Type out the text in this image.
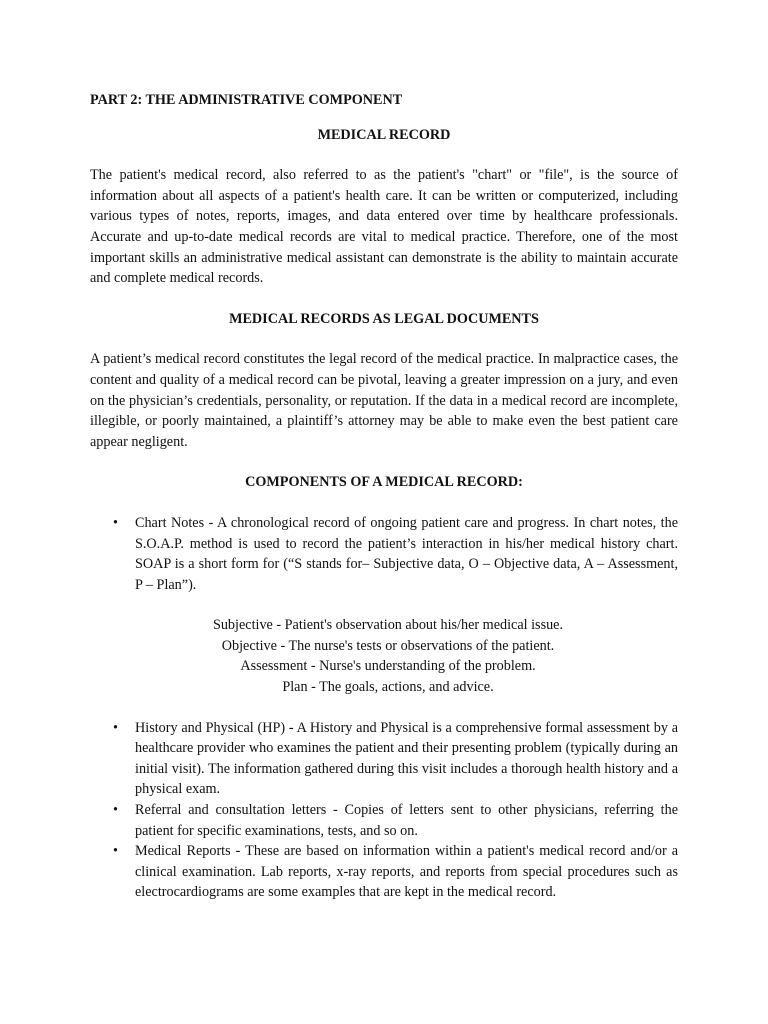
PART 2: THE ADMINISTRATIVE COMPONENT

MEDICAL RECORD

The patient's medical record, also referred to as the patient's "chart" or "file", is the source of information about all aspects of a patient's health care. It can be written or computerized, including various types of notes, reports, images, and data entered over time by healthcare professionals. Accurate and up-to-date medical records are vital to medical practice. Therefore, one of the most important skills an administrative medical assistant can demonstrate is the ability to maintain accurate and complete medical records.

MEDICAL RECORDS AS LEGAL DOCUMENTS

A patient’s medical record constitutes the legal record of the medical practice. In malpractice cases, the content and quality of a medical record can be pivotal, leaving a greater impression on a jury, and even on the physician’s credentials, personality, or reputation. If the data in a medical record are incomplete, illegible, or poorly maintained, a plaintiff’s attorney may be able to make even the best patient care appear negligent.

COMPONENTS OF A MEDICAL RECORD:

• Chart Notes - A chronological record of ongoing patient care and progress. In chart notes, the S.O.A.P. method is used to record the patient’s interaction in his/her medical history chart. SOAP is a short form for (“S stands for– Subjective data, O – Objective data, A – Assessment, P – Plan”).
Subjective - Patient's observation about his/her medical issue.
Objective - The nurse's tests or observations of the patient.
Assessment - Nurse's understanding of the problem.
Plan - The goals, actions, and advice.
• History and Physical (HP) - A History and Physical is a comprehensive formal assessment by a healthcare provider who examines the patient and their presenting problem (typically during an initial visit). The information gathered during this visit includes a thorough health history and a physical exam.
• Referral and consultation letters - Copies of letters sent to other physicians, referring the patient for specific examinations, tests, and so on.
• Medical Reports - These are based on information within a patient's medical record and/or a clinical examination. Lab reports, x-ray reports, and reports from special procedures such as electrocardiograms are some examples that are kept in the medical record.
